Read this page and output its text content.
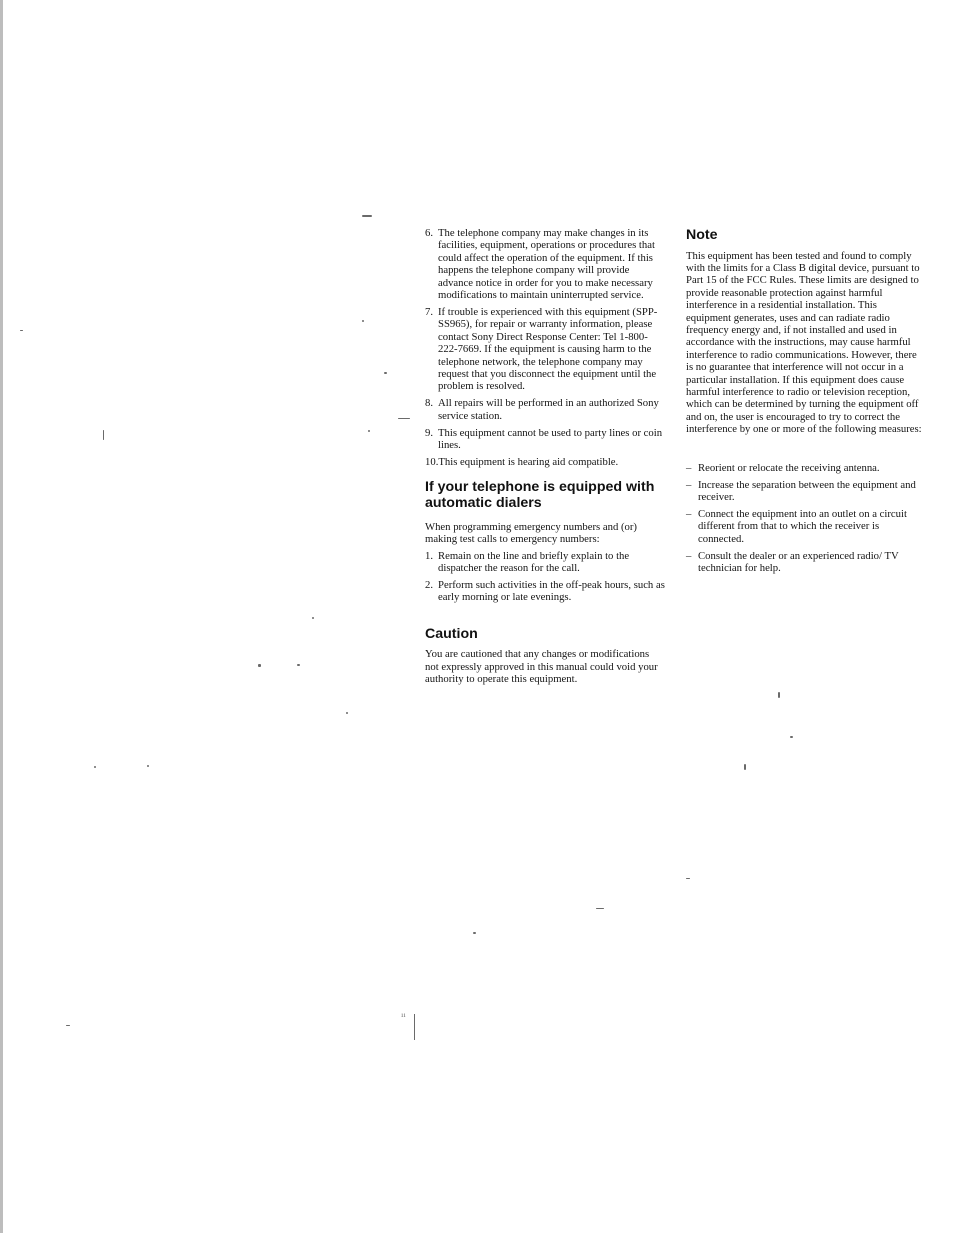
6. The telephone company may make changes in its facilities, equipment, operations or procedures that could affect the operation of the equipment. If this happens the telephone company will provide advance notice in order for you to make necessary modifications to maintain uninterrupted service.
7. If trouble is experienced with this equipment (SPP-SS965), for repair or warranty information, please contact Sony Direct Response Center: Tel 1-800-222-7669. If the equipment is causing harm to the telephone network, the telephone company may request that you disconnect the equipment until the problem is resolved.
8. All repairs will be performed in an authorized Sony service station.
9. This equipment cannot be used to party lines or coin lines.
10.This equipment is hearing aid compatible.
If your telephone is equipped with automatic dialers

When programming emergency numbers and (or) making test calls to emergency numbers:

1. Remain on the line and briefly explain to the dispatcher the reason for the call.
2. Perform such activities in the off-peak hours, such as early morning or late evenings.
Caution

You are cautioned that any changes or modifications not expressly approved in this manual could void your authority to operate this equipment.

Note

This equipment has been tested and found to comply with the limits for a Class B digital device, pursuant to Part 15 of the FCC Rules. These limits are designed to provide reasonable protection against harmful interference in a residential installation. This equipment generates, uses and can radiate radio frequency energy and, if not installed and used in accordance with the instructions, may cause harmful interference to radio communications. However, there is no guarantee that interference will not occur in a particular installation. If this equipment does cause harmful interference to radio or television reception, which can be determined by turning the equipment off and on, the user is encouraged to try to correct the interference by one or more of the following measures:

– Reorient or relocate the receiving antenna.
– Increase the separation between the equipment and receiver.
– Connect the equipment into an outlet on a circuit different from that to which the receiver is connected.
– Consult the dealer or an experienced radio/ TV technician for help.
¹¹
